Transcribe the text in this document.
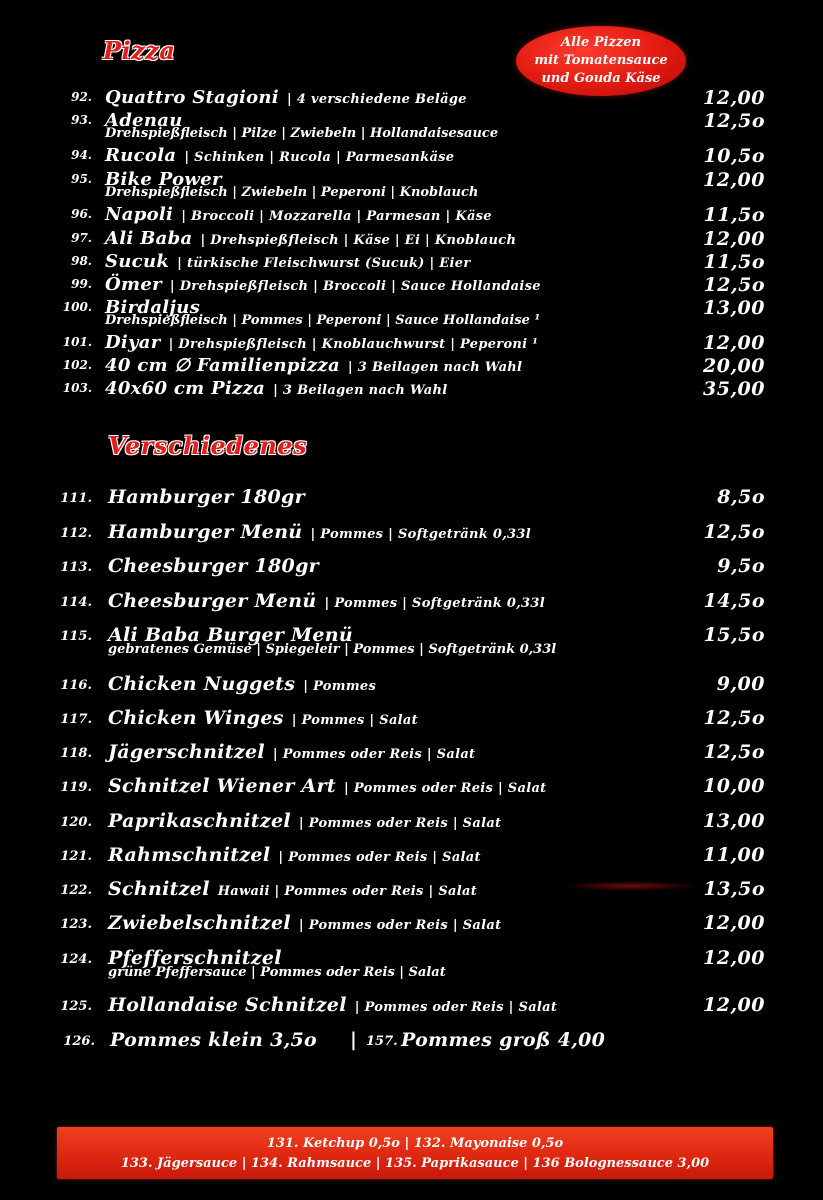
Pizza	Alle Pizzen
mit Tomatensauce
und Gouda Käse
92. Quattro Stagioni | 4 verschiedene Beläge	12,00
93. Adenau
Drehspießfleisch | Pilze | Zwiebeln | Hollandaisesauce
12,5o
94. Rucola | Schinken | Rucola | Parmesankäse	10,5o
95. Bike Power
Drehspießfleisch | Zwiebeln | Peperoni | Knoblauch
12,00
96. Napoli | Broccoli | Mozzarella | Parmesan | Käse	11,5o
97. Ali Baba | Drehspießfleisch | Käse | Ei | Knoblauch	12,00
98. Sucuk | türkische Fleischwurst (Sucuk) | Eier	11,5o
99. Ömer | Drehspießfleisch | Broccoli | Sauce Hollandaise	12,5o
100. Birdaljus
Drehspießfleisch | Pommes | Peperoni | Sauce Hollandaise ¹
13,00
101. Diyar | Drehspießfleisch | Knoblauchwurst | Peperoni ¹	12,00
102. 40 cm ∅ Familienpizza | 3 Beilagen nach Wahl	20,00
103. 40x60 cm Pizza | 3 Beilagen nach Wahl	35,00
Verschiedenes
111. Hamburger 180gr	8,5o
112. Hamburger Menü | Pommes | Softgetränk 0,33l	12,5o
113. Cheesburger 180gr	9,5o
114. Cheesburger Menü | Pommes | Softgetränk 0,33l	14,5o
115. Ali Baba Burger Menü
gebratenes Gemüse | Spiegeleir | Pommes | Softgetränk 0,33l
15,5o
116. Chicken Nuggets | Pommes	9,00
117. Chicken Winges | Pommes | Salat	12,5o
118. Jägerschnitzel | Pommes oder Reis | Salat	12,5o
119. Schnitzel Wiener Art | Pommes oder Reis | Salat	10,00
120. Paprikaschnitzel | Pommes oder Reis | Salat	13,00
121. Rahmschnitzel | Pommes oder Reis | Salat	11,00
122. Schnitzel Hawaii | Pommes oder Reis | Salat	13,5o
123. Zwiebelschnitzel | Pommes oder Reis | Salat	12,00
124. Pfefferschnitzel
grüne Pfeffersauce | Pommes oder Reis | Salat
12,00
125. Hollandaise Schnitzel | Pommes oder Reis | Salat	12,00
126. Pommes klein 3,5o | 157. Pommes groß 4,00
131. Ketchup 0,5o | 132. Mayonaise 0,5o
133. Jägersauce | 134. Rahmsauce | 135. Paprikasauce | 136 Bolognessauce 3,00
